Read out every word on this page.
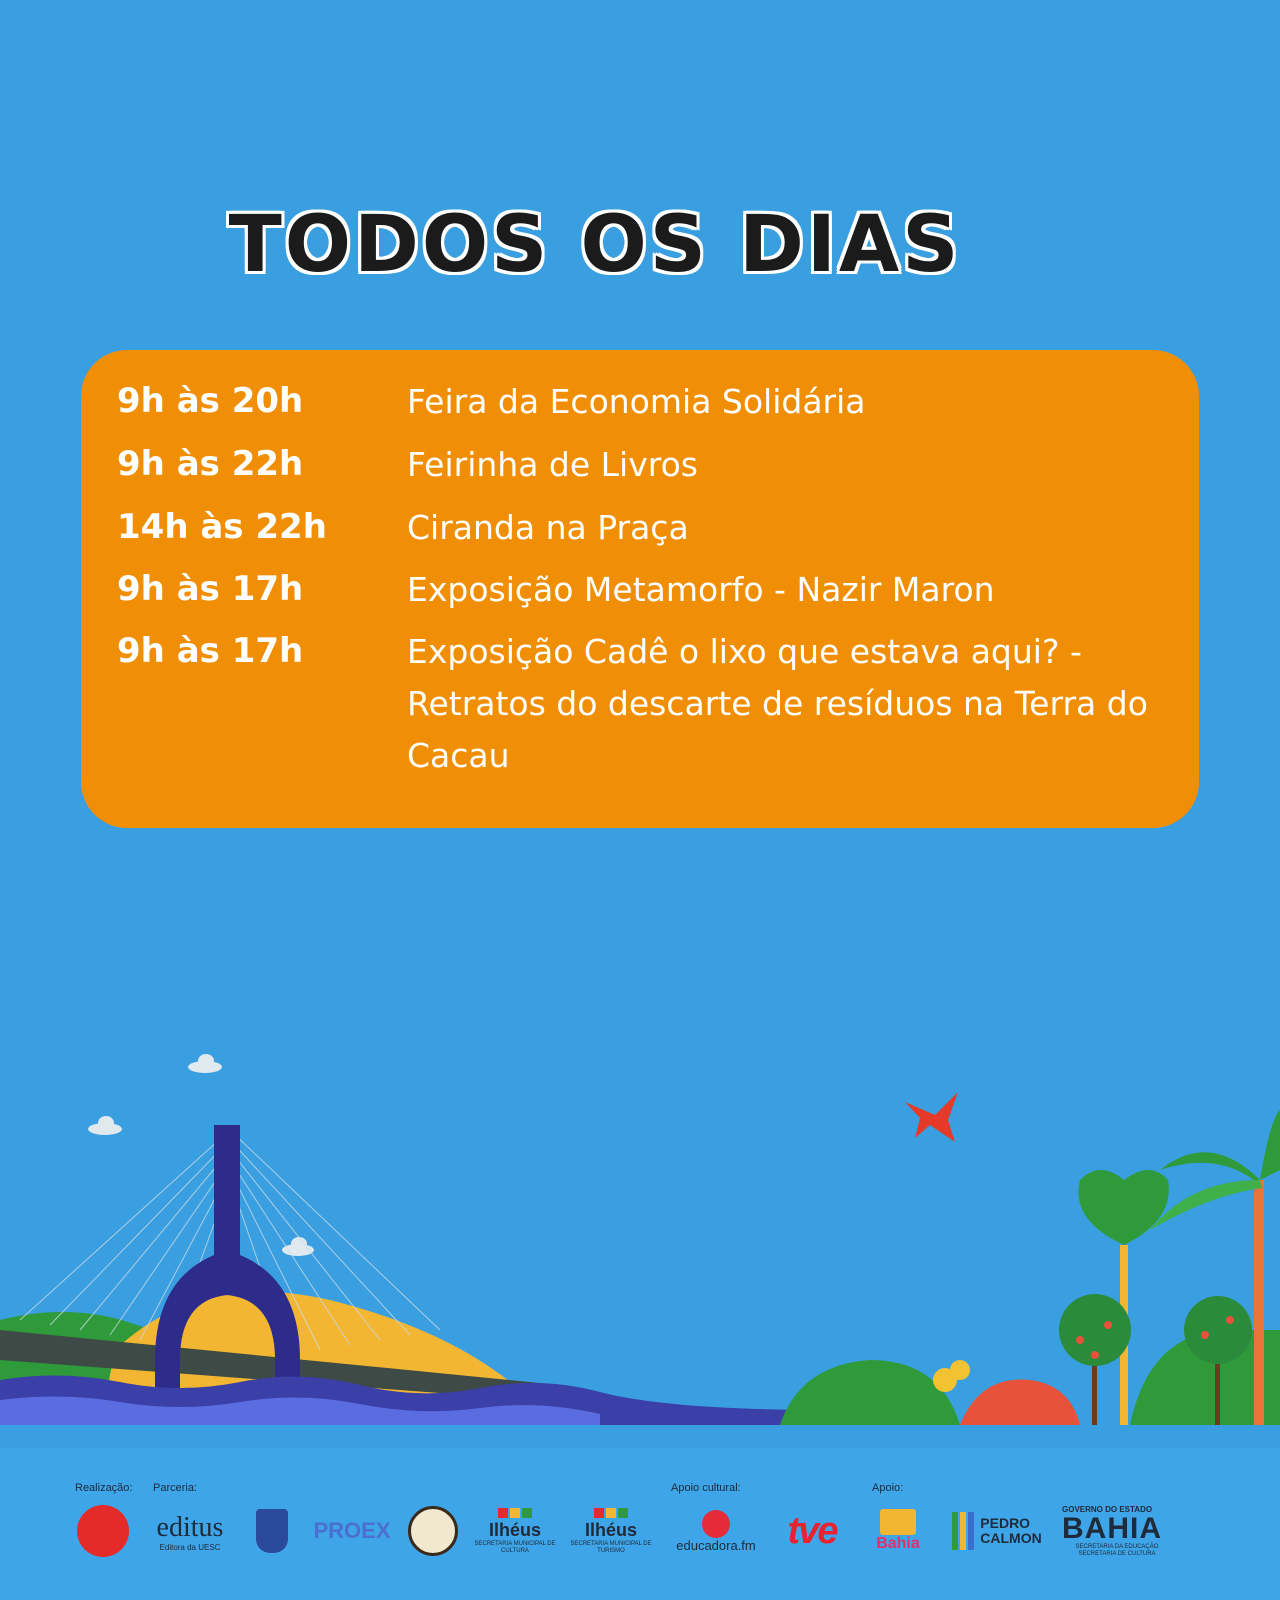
TODOS OS DIAS
9h às 20h	Feira da Economia Solidária
9h às 22h	Feirinha de Livros
14h às 22h	Ciranda na Praça
9h às 17h	Exposição Metamorfo - Nazir Maron
9h às 17h	Exposição Cadê o lixo que estava aqui? - Retratos do descarte de resíduos na Terra do Cacau
Realização: Parceria:	Apoio cultural:	Apoio:
editus
Editora da UESC
PROEX	Ilhéus
SECRETARIA MUNICIPAL DE CULTURA
Ilhéus
SECRETARIA MUNICIPAL DE TURISMO	educadora.fm tve Bahia
PEDRO
CALMON
GOVERNO DO ESTADO
BAHIA
SECRETARIA DA EDUCAÇÃO SECRETARIA DE CULTURA
